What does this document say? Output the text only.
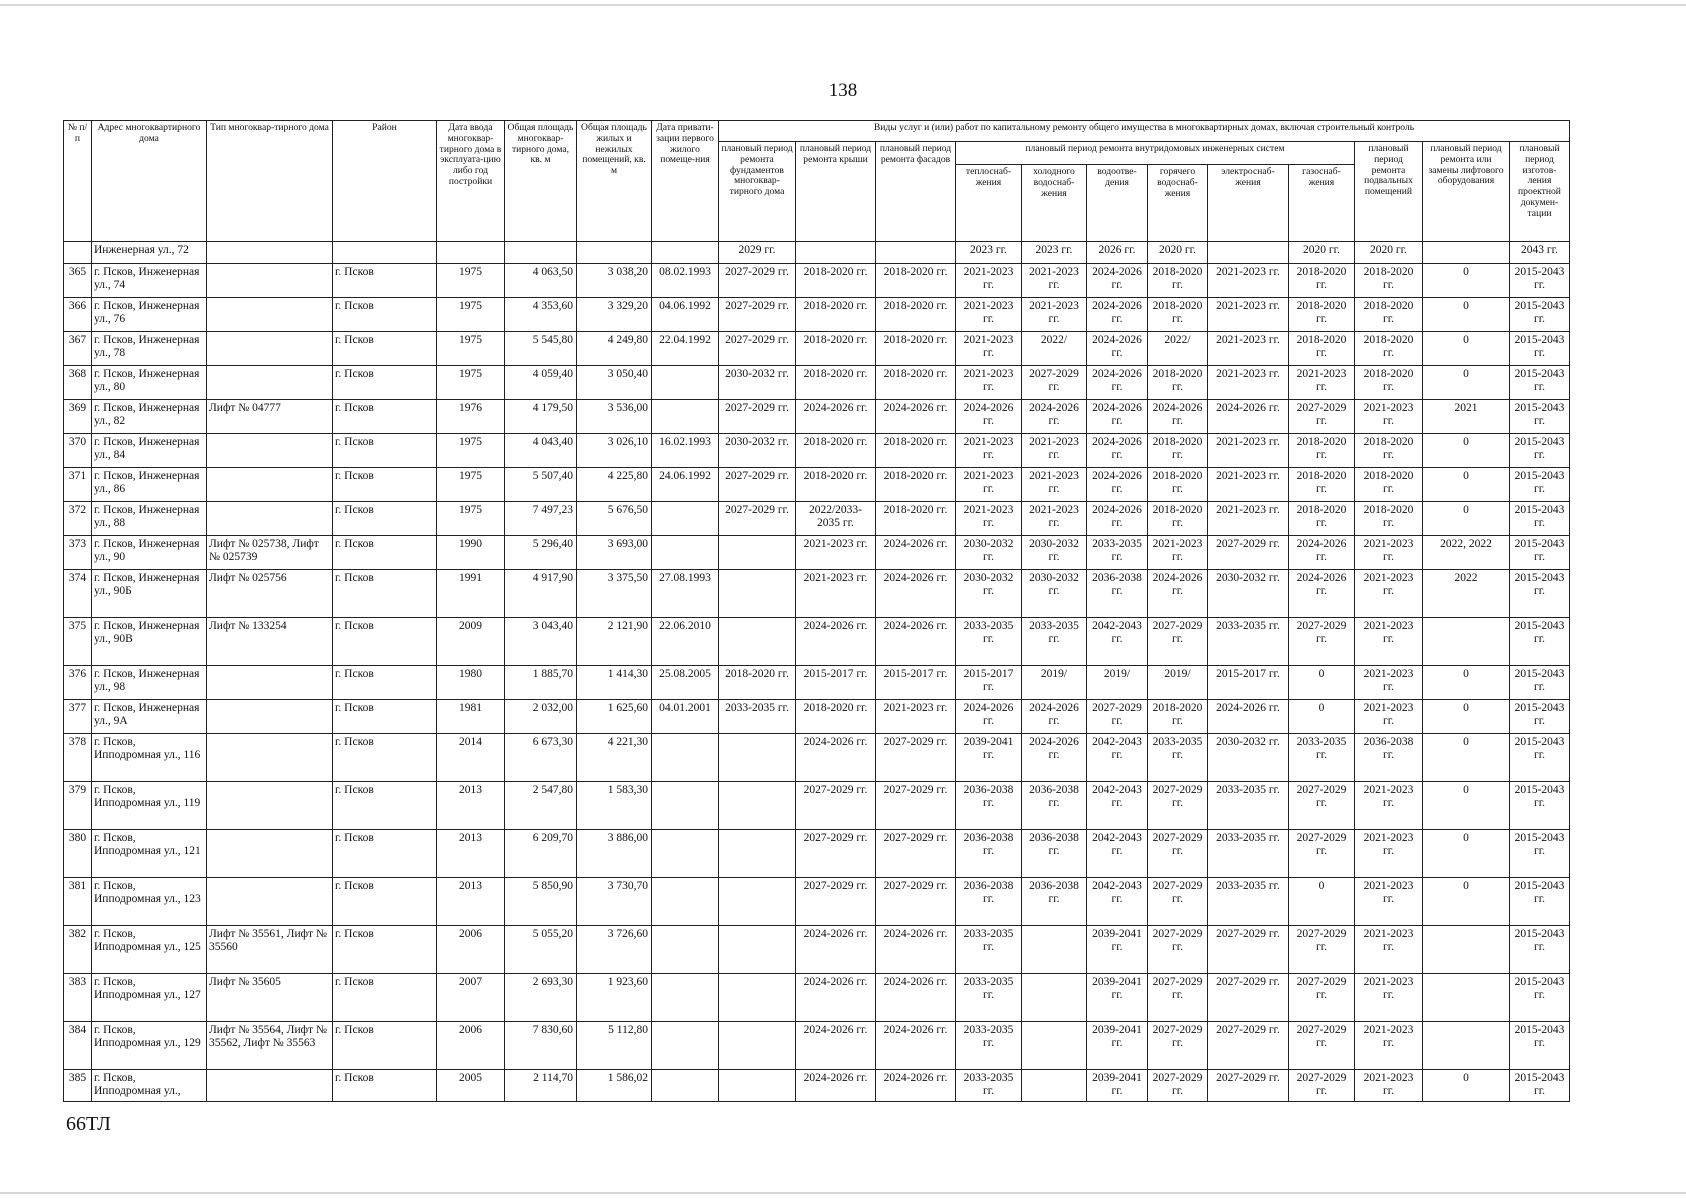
138
№ п/п	Адрес многоквартирного дома	Тип многоквар-тирного дома	Район	Дата ввода многоквар-тирного дома в эксплуата-цию либо год постройки	Общая площадь многоквар-тирного дома, кв. м	Общая площадь жилых и нежилых помещений, кв. м	Дата привати-зации первого жилого помеще-ния	Виды услуг и (или) работ по капитальному ремонту общего имущества в многоквартирных домах, включая строительный контроль											
								плановый период ремонта фундаментов многоквар-тирного дома	плановый период ремонта крыши	плановый период ремонта фасадов	плановый период ремонта внутридомовых инженерных систем						плановый период ремонта подвальных помещений	плановый период ремонта или замены лифтового оборудования	плановый период изготов-ления проектной докумен-тации
											теплоснаб-жения	холодного водоснаб-жения	водоотве-дения	горячего водоснаб-жения	электроснаб-жения	газоснаб-жения			
	Инженерная ул., 72							2029 гг.			2023 гг.	2023 гг.	2026 гг.	2020 гг.		2020 гг.	2020 гг.		2043 гг.
365	г. Псков, Инженерная ул., 74		г. Псков	1975	4 063,50	3 038,20	08.02.1993	2027-2029 гг.	2018-2020 гг.	2018-2020 гг.	2021-2023 гг.	2021-2023 гг.	2024-2026 гг.	2018-2020 гг.	2021-2023 гг.	2018-2020 гг.	2018-2020 гг.	0	2015-2043 гг.
366	г. Псков, Инженерная ул., 76		г. Псков	1975	4 353,60	3 329,20	04.06.1992	2027-2029 гг.	2018-2020 гг.	2018-2020 гг.	2021-2023 гг.	2021-2023 гг.	2024-2026 гг.	2018-2020 гг.	2021-2023 гг.	2018-2020 гг.	2018-2020 гг.	0	2015-2043 гг.
367	г. Псков, Инженерная ул., 78		г. Псков	1975	5 545,80	4 249,80	22.04.1992	2027-2029 гг.	2018-2020 гг.	2018-2020 гг.	2021-2023 гг.	2022/	2024-2026 гг.	2022/	2021-2023 гг.	2018-2020 гг.	2018-2020 гг.	0	2015-2043 гг.
368	г. Псков, Инженерная ул., 80		г. Псков	1975	4 059,40	3 050,40		2030-2032 гг.	2018-2020 гг.	2018-2020 гг.	2021-2023 гг.	2027-2029 гг.	2024-2026 гг.	2018-2020 гг.	2021-2023 гг.	2021-2023 гг.	2018-2020 гг.	0	2015-2043 гг.
369	г. Псков, Инженерная ул., 82	Лифт № 04777	г. Псков	1976	4 179,50	3 536,00		2027-2029 гг.	2024-2026 гг.	2024-2026 гг.	2024-2026 гг.	2024-2026 гг.	2024-2026 гг.	2024-2026 гг.	2024-2026 гг.	2027-2029 гг.	2021-2023 гг.	2021	2015-2043 гг.
370	г. Псков, Инженерная ул., 84		г. Псков	1975	4 043,40	3 026,10	16.02.1993	2030-2032 гг.	2018-2020 гг.	2018-2020 гг.	2021-2023 гг.	2021-2023 гг.	2024-2026 гг.	2018-2020 гг.	2021-2023 гг.	2018-2020 гг.	2018-2020 гг.	0	2015-2043 гг.
371	г. Псков, Инженерная ул., 86		г. Псков	1975	5 507,40	4 225,80	24.06.1992	2027-2029 гг.	2018-2020 гг.	2018-2020 гг.	2021-2023 гг.	2021-2023 гг.	2024-2026 гг.	2018-2020 гг.	2021-2023 гг.	2018-2020 гг.	2018-2020 гг.	0	2015-2043 гг.
372	г. Псков, Инженерная ул., 88		г. Псков	1975	7 497,23	5 676,50		2027-2029 гг.	2022/2033-2035 гг.	2018-2020 гг.	2021-2023 гг.	2021-2023 гг.	2024-2026 гг.	2018-2020 гг.	2021-2023 гг.	2018-2020 гг.	2018-2020 гг.	0	2015-2043 гг.
373	г. Псков, Инженерная ул., 90	Лифт № 025738, Лифт № 025739	г. Псков	1990	5 296,40	3 693,00			2021-2023 гг.	2024-2026 гг.	2030-2032 гг.	2030-2032 гг.	2033-2035 гг.	2021-2023 гг.	2027-2029 гг.	2024-2026 гг.	2021-2023 гг.	2022, 2022	2015-2043 гг.
374	г. Псков, Инженерная ул., 90Б	Лифт № 025756	г. Псков	1991	4 917,90	3 375,50	27.08.1993		2021-2023 гг.	2024-2026 гг.	2030-2032 гг.	2030-2032 гг.	2036-2038 гг.	2024-2026 гг.	2030-2032 гг.	2024-2026 гг.	2021-2023 гг.	2022	2015-2043 гг.
375	г. Псков, Инженерная ул., 90В	Лифт № 133254	г. Псков	2009	3 043,40	2 121,90	22.06.2010		2024-2026 гг.	2024-2026 гг.	2033-2035 гг.	2033-2035 гг.	2042-2043 гг.	2027-2029 гг.	2033-2035 гг.	2027-2029 гг.	2021-2023 гг.		2015-2043 гг.
376	г. Псков, Инженерная ул., 98		г. Псков	1980	1 885,70	1 414,30	25.08.2005	2018-2020 гг.	2015-2017 гг.	2015-2017 гг.	2015-2017 гг.	2019/	2019/	2019/	2015-2017 гг.	0	2021-2023 гг.	0	2015-2043 гг.
377	г. Псков, Инженерная ул., 9А		г. Псков	1981	2 032,00	1 625,60	04.01.2001	2033-2035 гг.	2018-2020 гг.	2021-2023 гг.	2024-2026 гг.	2024-2026 гг.	2027-2029 гг.	2018-2020 гг.	2024-2026 гг.	0	2021-2023 гг.	0	2015-2043 гг.
378	г. Псков, Ипподромная ул., 116		г. Псков	2014	6 673,30	4 221,30			2024-2026 гг.	2027-2029 гг.	2039-2041 гг.	2024-2026 гг.	2042-2043 гг.	2033-2035 гг.	2030-2032 гг.	2033-2035 гг.	2036-2038 гг.	0	2015-2043 гг.
379	г. Псков, Ипподромная ул., 119		г. Псков	2013	2 547,80	1 583,30			2027-2029 гг.	2027-2029 гг.	2036-2038 гг.	2036-2038 гг.	2042-2043 гг.	2027-2029 гг.	2033-2035 гг.	2027-2029 гг.	2021-2023 гг.	0	2015-2043 гг.
380	г. Псков, Ипподромная ул., 121		г. Псков	2013	6 209,70	3 886,00			2027-2029 гг.	2027-2029 гг.	2036-2038 гг.	2036-2038 гг.	2042-2043 гг.	2027-2029 гг.	2033-2035 гг.	2027-2029 гг.	2021-2023 гг.	0	2015-2043 гг.
381	г. Псков, Ипподромная ул., 123		г. Псков	2013	5 850,90	3 730,70			2027-2029 гг.	2027-2029 гг.	2036-2038 гг.	2036-2038 гг.	2042-2043 гг.	2027-2029 гг.	2033-2035 гг.	0	2021-2023 гг.	0	2015-2043 гг.
382	г. Псков, Ипподромная ул., 125	Лифт № 35561, Лифт № 35560	г. Псков	2006	5 055,20	3 726,60			2024-2026 гг.	2024-2026 гг.	2033-2035 гг.		2039-2041 гг.	2027-2029 гг.	2027-2029 гг.	2027-2029 гг.	2021-2023 гг.		2015-2043 гг.
383	г. Псков, Ипподромная ул., 127	Лифт № 35605	г. Псков	2007	2 693,30	1 923,60			2024-2026 гг.	2024-2026 гг.	2033-2035 гг.		2039-2041 гг.	2027-2029 гг.	2027-2029 гг.	2027-2029 гг.	2021-2023 гг.		2015-2043 гг.
384	г. Псков, Ипподромная ул., 129	Лифт № 35564, Лифт № 35562, Лифт № 35563	г. Псков	2006	7 830,60	5 112,80			2024-2026 гг.	2024-2026 гг.	2033-2035 гг.		2039-2041 гг.	2027-2029 гг.	2027-2029 гг.	2027-2029 гг.	2021-2023 гг.		2015-2043 гг.
385	г. Псков, Ипподромная ул.,		г. Псков	2005	2 114,70	1 586,02			2024-2026 гг.	2024-2026 гг.	2033-2035 гг.		2039-2041 гг.	2027-2029 гг.	2027-2029 гг.	2027-2029 гг.	2021-2023 гг.	0	2015-2043 гг.
66ТЛ
